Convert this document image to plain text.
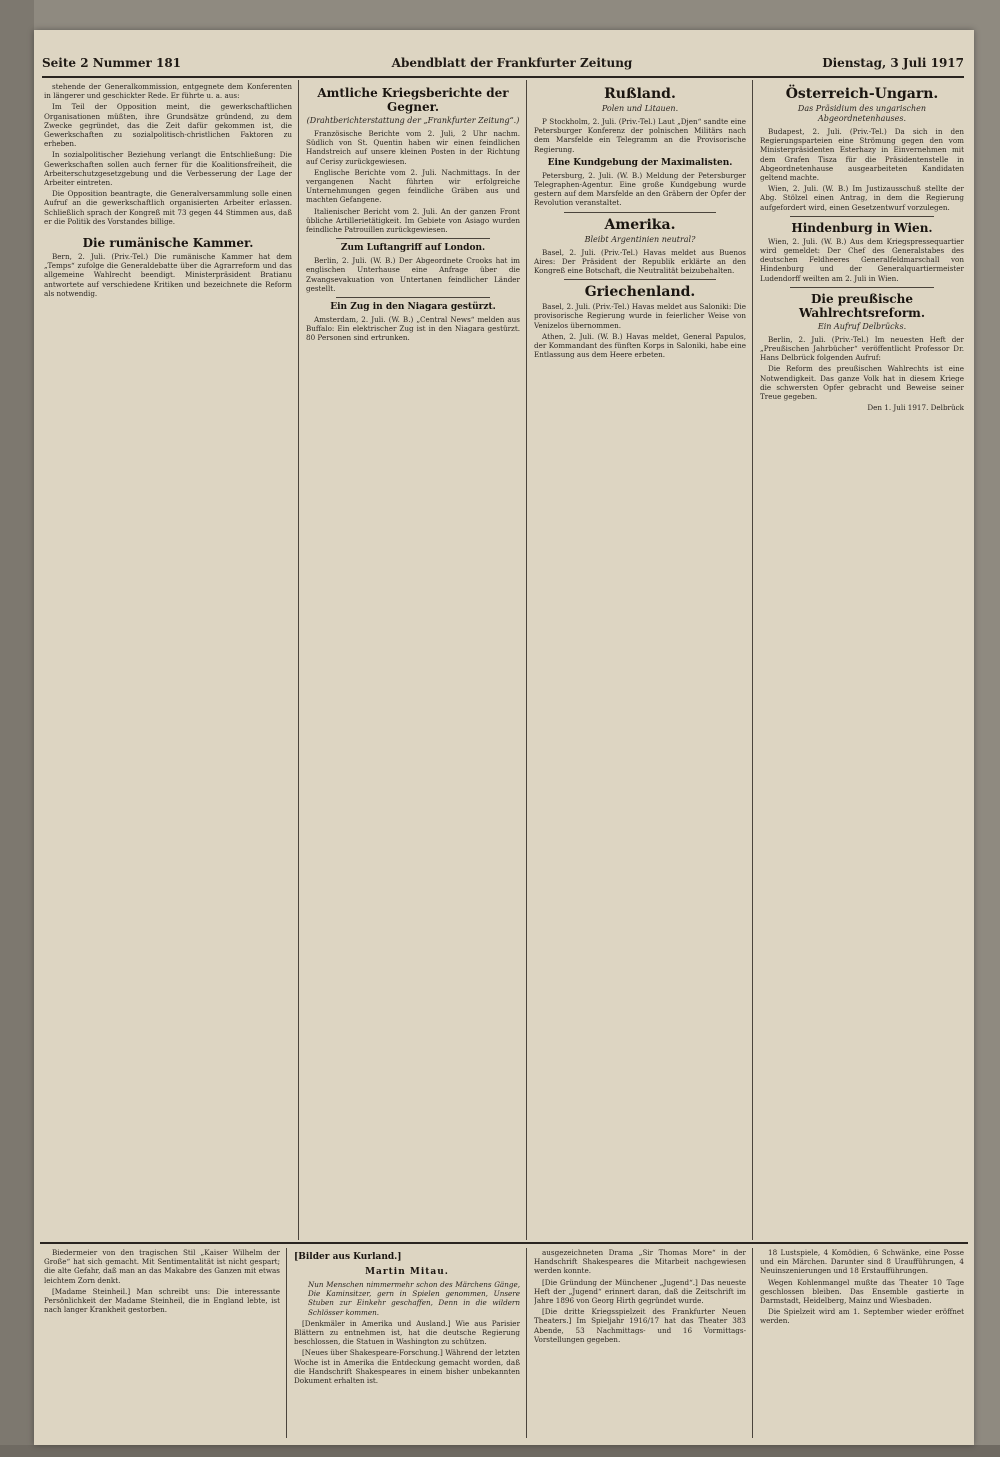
Seite 2 Nummer 181	Abendblatt der Frankfurter Zeitung	Dienstag, 3 Juli 1917

stehende der Generalkommission, entgegnete dem Konferenten in längerer und geschickter Rede. Er führte u. a. aus:

Im Teil der Opposition meint, die gewerkschaftlichen Organisationen müßten, ihre Grundsätze gründend, zu dem Zwecke gegründet, das die Zeit dafür gekommen ist, die Gewerkschaften zu sozialpolitisch-christlichen Faktoren zu erheben.

In sozialpolitischer Beziehung verlangt die Entschließung: Die Gewerkschaften sollen auch ferner für die Koalitionsfreiheit, die Arbeiterschutzgesetzgebung und die Verbesserung der Lage der Arbeiter eintreten.

Die Opposition beantragte, die Generalversammlung solle einen Aufruf an die gewerkschaftlich organisierten Arbeiter erlassen. Schließlich sprach der Kongreß mit 73 gegen 44 Stimmen aus, daß er die Politik des Vorstandes billige.

Die rumänische Kammer.

Bern, 2. Juli. (Priv.-Tel.) Die rumänische Kammer hat dem „Temps“ zufolge die Generaldebatte über die Agrarreform und das allgemeine Wahlrecht beendigt. Ministerpräsident Bratianu antwortete auf verschiedene Kritiken und bezeichnete die Reform als notwendig.

Amtliche Kriegsberichte der Gegner.
(Drahtberichterstattung der „Frankfurter Zeitung“.)

Französische Berichte vom 2. Juli, 2 Uhr nachm. Südlich von St. Quentin haben wir einen feindlichen Handstreich auf unsere kleinen Posten in der Richtung auf Cerisy zurückgewiesen.

Englische Berichte vom 2. Juli. Nachmittags. In der vergangenen Nacht führten wir erfolgreiche Unternehmungen gegen feindliche Gräben aus und machten Gefangene.

Italienischer Bericht vom 2. Juli. An der ganzen Front übliche Artillerietätigkeit. Im Gebiete von Asiago wurden feindliche Patrouillen zurückgewiesen.

Zum Luftangriff auf London.

Berlin, 2. Juli. (W. B.) Der Abgeordnete Crooks hat im englischen Unterhause eine Anfrage über die Zwangsevakuation von Untertanen feindlicher Länder gestellt.

Ein Zug in den Niagara gestürzt.

Amsterdam, 2. Juli. (W. B.) „Central News“ melden aus Buffalo: Ein elektrischer Zug ist in den Niagara gestürzt. 80 Personen sind ertrunken.

Rußland.
Polen und Litauen.

P Stockholm, 2. Juli. (Priv.-Tel.) Laut „Djen“ sandte eine Petersburger Konferenz der polnischen Militärs nach dem Marsfelde ein Telegramm an die Provisorische Regierung.

Eine Kundgebung der Maximalisten.

Petersburg, 2. Juli. (W. B.) Meldung der Petersburger Telegraphen-Agentur. Eine große Kundgebung wurde gestern auf dem Marsfelde an den Gräbern der Opfer der Revolution veranstaltet.

Amerika.
Bleibt Argentinien neutral?

Basel, 2. Juli. (Priv.-Tel.) Havas meldet aus Buenos Aires: Der Präsident der Republik erklärte an den Kongreß eine Botschaft, die Neutralität beizubehalten.

Griechenland.

Basel, 2. Juli. (Priv.-Tel.) Havas meldet aus Saloniki: Die provisorische Regierung wurde in feierlicher Weise von Venizelos übernommen.

Athen, 2. Juli. (W. B.) Havas meldet, General Papulos, der Kommandant des fünften Korps in Saloniki, habe eine Entlassung aus dem Heere erbeten.

Österreich-Ungarn.
Das Präsidium des ungarischen Abgeordnetenhauses.

Budapest, 2. Juli. (Priv.-Tel.) Da sich in den Regierungsparteien eine Strömung gegen den vom Ministerpräsidenten Esterhazy in Einvernehmen mit dem Grafen Tisza für die Präsidentenstelle in Abgeordnetenhause ausgearbeiteten Kandidaten geltend machte.

Wien, 2. Juli. (W. B.) Im Justizausschuß stellte der Abg. Stölzel einen Antrag, in dem die Regierung aufgefordert wird, einen Gesetzentwurf vorzulegen.

Hindenburg in Wien.

Wien, 2. Juli. (W. B.) Aus dem Kriegspressequartier wird gemeldet: Der Chef des Generalstabes des deutschen Feldheeres Generalfeldmarschall von Hindenburg und der Generalquartiermeister Ludendorff weilten am 2. Juli in Wien.

Die preußische Wahlrechtsreform.
Ein Aufruf Delbrücks.

Berlin, 2. Juli. (Priv.-Tel.) Im neuesten Heft der „Preußischen Jahrbücher“ veröffentlicht Professor Dr. Hans Delbrück folgenden Aufruf:

Die Reform des preußischen Wahlrechts ist eine Notwendigkeit. Das ganze Volk hat in diesem Kriege die schwersten Opfer gebracht und Beweise seiner Treue gegeben.

Den 1. Juli 1917. Delbrück

Biedermeier von den tragischen Stil „Kaiser Wilhelm der Große“ hat sich gemacht. Mit Sentimentalität ist nicht gespart; die alte Gefahr, daß man an das Makabre des Ganzen mit etwas leichtem Zorn denkt.

[Madame Steinheil.] Man schreibt uns: Die interessante Persönlichkeit der Madame Steinheil, die in England lebte, ist nach langer Krankheit gestorben.

[Bilder aus Kurland.]
Martin Mitau.

Nun Menschen nimmermehr schon des Märchens Gänge, Die Kaminsitzer, gern in Spielen genommen, Unsere Stuben zur Einkehr geschaffen, Denn in die wildern Schlösser kommen.

[Denkmäler in Amerika und Ausland.] Wie aus Parisier Blättern zu entnehmen ist, hat die deutsche Regierung beschlossen, die Statuen in Washington zu schützen.

[Neues über Shakespeare-Forschung.] Während der letzten Woche ist in Amerika die Entdeckung gemacht worden, daß die Handschrift Shakespeares in einem bisher unbekannten Dokument erhalten ist.

ausgezeichneten Drama „Sir Thomas More“ in der Handschrift Shakespeares die Mitarbeit nachgewiesen werden konnte.

[Die Gründung der Münchener „Jugend“.] Das neueste Heft der „Jugend“ erinnert daran, daß die Zeitschrift im Jahre 1896 von Georg Hirth gegründet wurde.

[Die dritte Kriegsspielzeit des Frankfurter Neuen Theaters.] Im Spieljahr 1916/17 hat das Theater 383 Abende, 53 Nachmittags- und 16 Vormittags-Vorstellungen gegeben.

18 Lustspiele, 4 Komödien, 6 Schwänke, eine Posse und ein Märchen. Darunter sind 8 Uraufführungen, 4 Neuinszenierungen und 18 Erstaufführungen.

Wegen Kohlenmangel mußte das Theater 10 Tage geschlossen bleiben. Das Ensemble gastierte in Darmstadt, Heidelberg, Mainz und Wiesbaden.

Die Spielzeit wird am 1. September wieder eröffnet werden.
